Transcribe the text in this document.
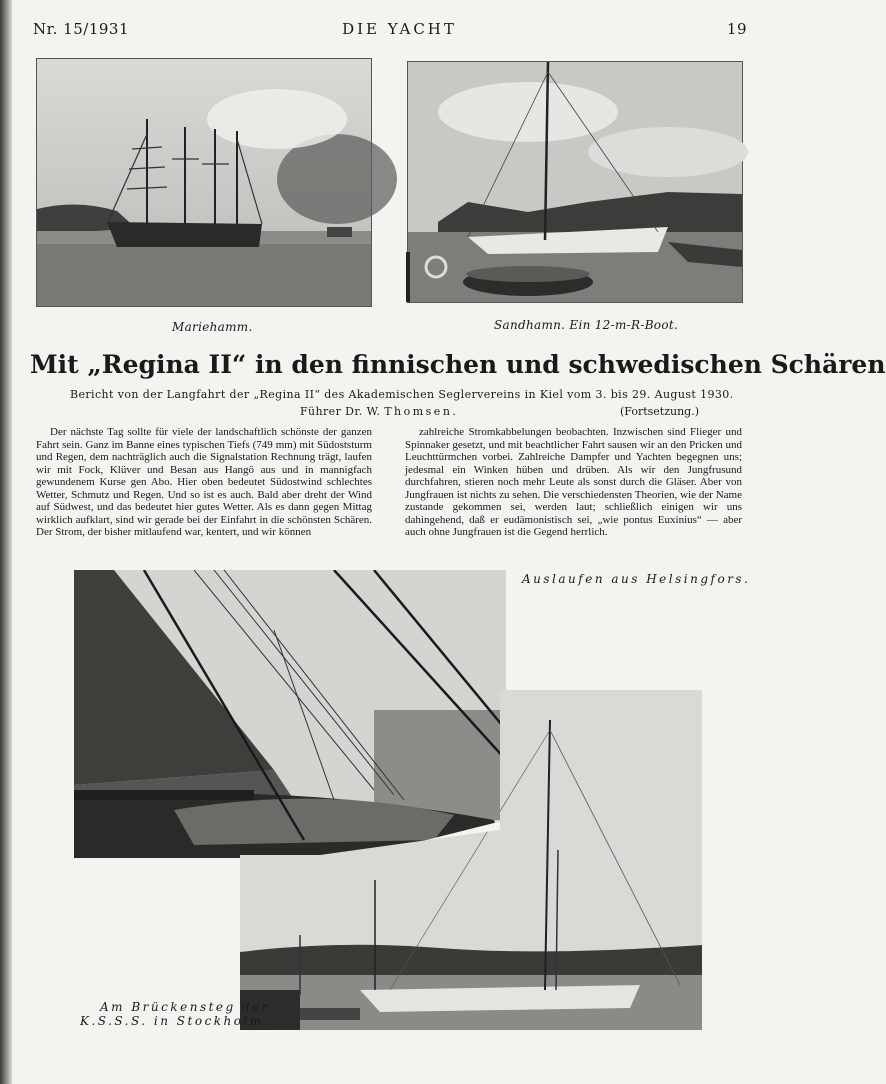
Nr. 15/1931	DIE YACHT	19
Mariehamm.	Sandhamn. Ein 12-m-R-Boot.
Mit „Regina II“ in den finnischen und schwedischen Schären
Bericht von der Langfahrt der „Regina II“ des Akademischen Seglervereins in Kiel vom 3. bis 29. August 1930.
Führer Dr. W. Thomsen.	(Fortsetzung.)

Der nächste Tag sollte für viele der landschaftlich schönste der ganzen Fahrt sein. Ganz im Banne eines typischen Tiefs (749 mm) mit Südoststurm und Regen, dem nachträglich auch die Signalstation Rechnung trägt, laufen wir mit Fock, Klüver und Besan aus Hangö aus und in mannigfach gewundenem Kurse gen Abo. Hier oben bedeutet Südostwind schlechtes Wetter, Schmutz und Regen. Und so ist es auch. Bald aber dreht der Wind auf Südwest, und das bedeutet hier gutes Wetter. Als es dann gegen Mittag wirklich aufklart, sind wir gerade bei der Einfahrt in die schönsten Schären. Der Strom, der bisher mitlaufend war, kentert, und wir können

zahlreiche Stromkabbelungen beobachten. Inzwischen sind Flieger und Spinnaker gesetzt, und mit beachtlicher Fahrt sausen wir an den Pricken und Leuchttürmchen vorbei. Zahlreiche Dampfer und Yachten begegnen uns; jedesmal ein Winken hüben und drüben. Als wir den Jungfrusund durchfahren, stieren noch mehr Leute als sonst durch die Gläser. Aber von Jungfrauen ist nichts zu sehen. Die verschiedensten Theorien, wie der Name zustande gekommen sei, werden laut; schließlich einigen wir uns dahingehend, daß er eudämonistisch sei, „wie pontus Euxinius“ — aber auch ohne Jungfrauen ist die Gegend herrlich.

Auslaufen aus Helsingfors.
Am Brückensteg der
K.S.S.S. in Stockholm.
